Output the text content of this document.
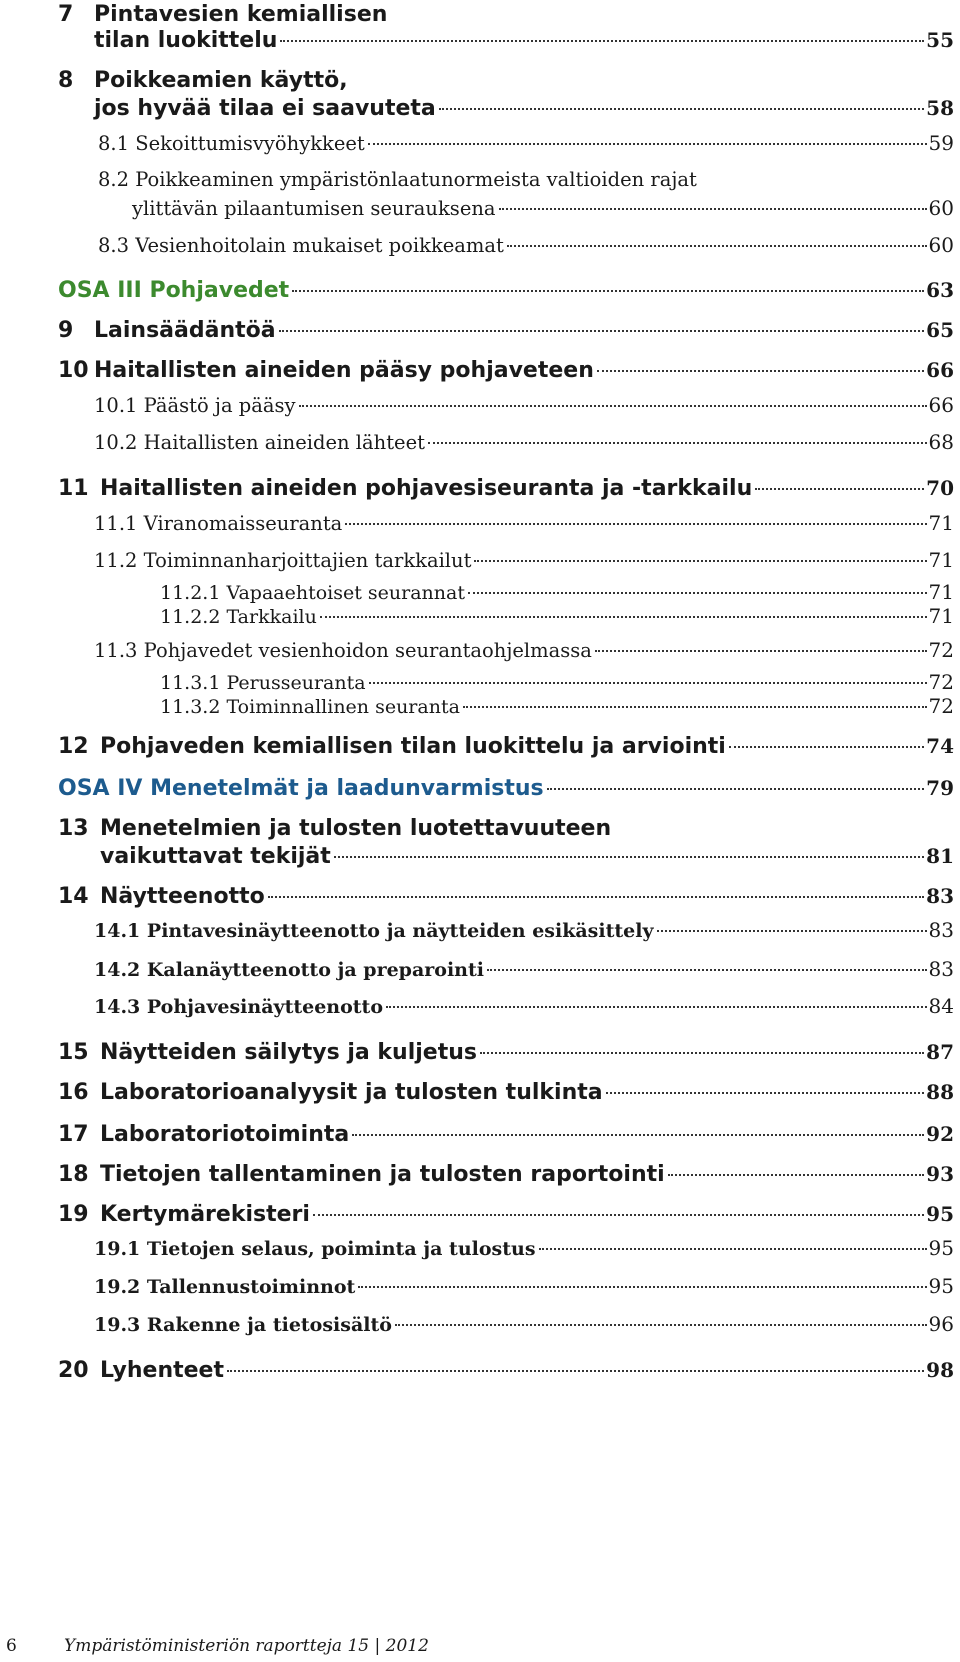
7 Pintavesien kemiallisen
tilan luokittelu	55
8 Poikkeamien käyttö,
jos hyvää tilaa ei saavuteta	58
8.1 Sekoittumisvyöhykkeet	59
8.2 Poikkeaminen ympäristönlaatunormeista valtioiden rajat
ylittävän pilaantumisen seurauksena	60
8.3 Vesienhoitolain mukaiset poikkeamat	60
OSA III Pohjavedet	63
9 Lainsäädäntöä	65
10 Haitallisten aineiden pääsy pohjaveteen	66
10.1 Päästö ja pääsy	66
10.2 Haitallisten aineiden lähteet	68
11 Haitallisten aineiden pohjavesiseuranta ja -tarkkailu	70
11.1 Viranomaisseuranta	71
11.2 Toiminnanharjoittajien tarkkailut	71
11.2.1 Vapaaehtoiset seurannat	71
11.2.2 Tarkkailu	71
11.3 Pohjavedet vesienhoidon seurantaohjelmassa	72
11.3.1 Perusseuranta	72
11.3.2 Toiminnallinen seuranta	72
12 Pohjaveden kemiallisen tilan luokittelu ja arviointi	74
OSA IV Menetelmät ja laadunvarmistus	79
13 Menetelmien ja tulosten luotettavuuteen
vaikuttavat tekijät	81
14 Näytteenotto	83
14.1 Pintavesinäytteenotto ja näytteiden esikäsittely	83
14.2 Kalanäytteenotto ja preparointi	83
14.3 Pohjavesinäytteenotto	84
15 Näytteiden säilytys ja kuljetus	87
16 Laboratorioanalyysit ja tulosten tulkinta	88
17 Laboratoriotoiminta	92
18 Tietojen tallentaminen ja tulosten raportointi	93
19 Kertymärekisteri	95
19.1 Tietojen selaus, poiminta ja tulostus	95
19.2 Tallennustoiminnot	95
19.3 Rakenne ja tietosisältö	96
20 Lyhenteet	98
6	Ympäristöministeriön raportteja 15 | 2012
